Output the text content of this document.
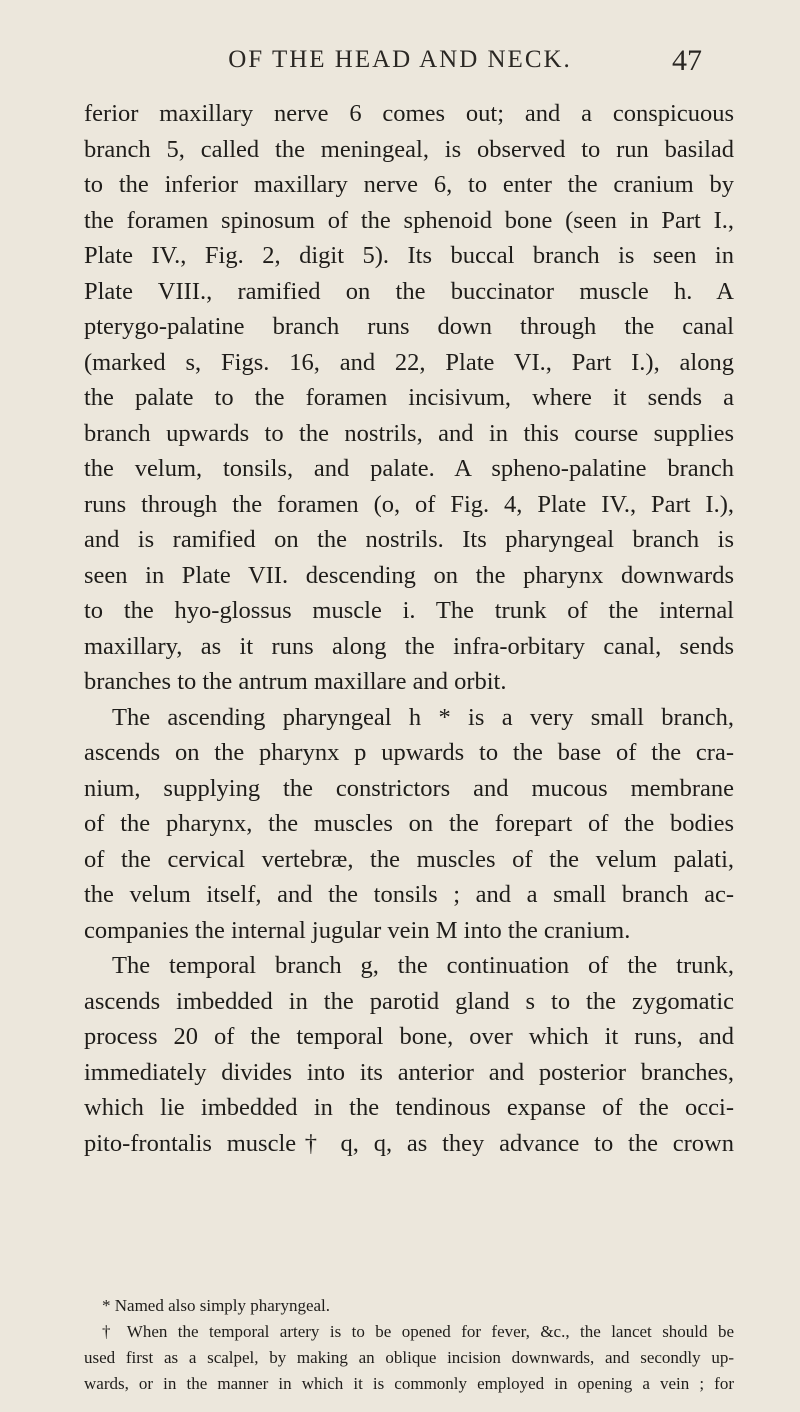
OF THE HEAD AND NECK.	47
ferior maxillary nerve 6 comes out; and a conspicuous
branch 5, called the meningeal, is observed to run basilad
to the inferior maxillary nerve 6, to enter the cranium by
the foramen spinosum of the sphenoid bone (seen in Part I.,
Plate IV., Fig. 2, digit 5). Its buccal branch is seen in
Plate VIII., ramified on the buccinator muscle h. A
pterygo-palatine branch runs down through the canal
(marked s, Figs. 16, and 22, Plate VI., Part I.), along
the palate to the foramen incisivum, where it sends a
branch upwards to the nostrils, and in this course supplies
the velum, tonsils, and palate. A spheno-palatine branch
runs through the foramen (o, of Fig. 4, Plate IV., Part I.),
and is ramified on the nostrils. Its pharyngeal branch is
seen in Plate VII. descending on the pharynx downwards
to the hyo-glossus muscle i. The trunk of the internal
maxillary, as it runs along the infra-orbitary canal, sends
branches to the antrum maxillare and orbit.
The ascending pharyngeal h * is a very small branch,
ascends on the pharynx p upwards to the base of the cra-
nium, supplying the constrictors and mucous membrane
of the pharynx, the muscles on the forepart of the bodies
of the cervical vertebræ, the muscles of the velum palati,
the velum itself, and the tonsils ; and a small branch ac-
companies the internal jugular vein M into the cranium.
The temporal branch g, the continuation of the trunk,
ascends imbedded in the parotid gland s to the zygomatic
process 20 of the temporal bone, over which it runs, and
immediately divides into its anterior and posterior branches,
which lie imbedded in the tendinous expanse of the occi-
pito-frontalis muscle† q, q, as they advance to the crown
* Named also simply pharyngeal.
† When the temporal artery is to be opened for fever, &c., the lancet should be
used first as a scalpel, by making an oblique incision downwards, and secondly up-
wards, or in the manner in which it is commonly employed in opening a vein ; for
